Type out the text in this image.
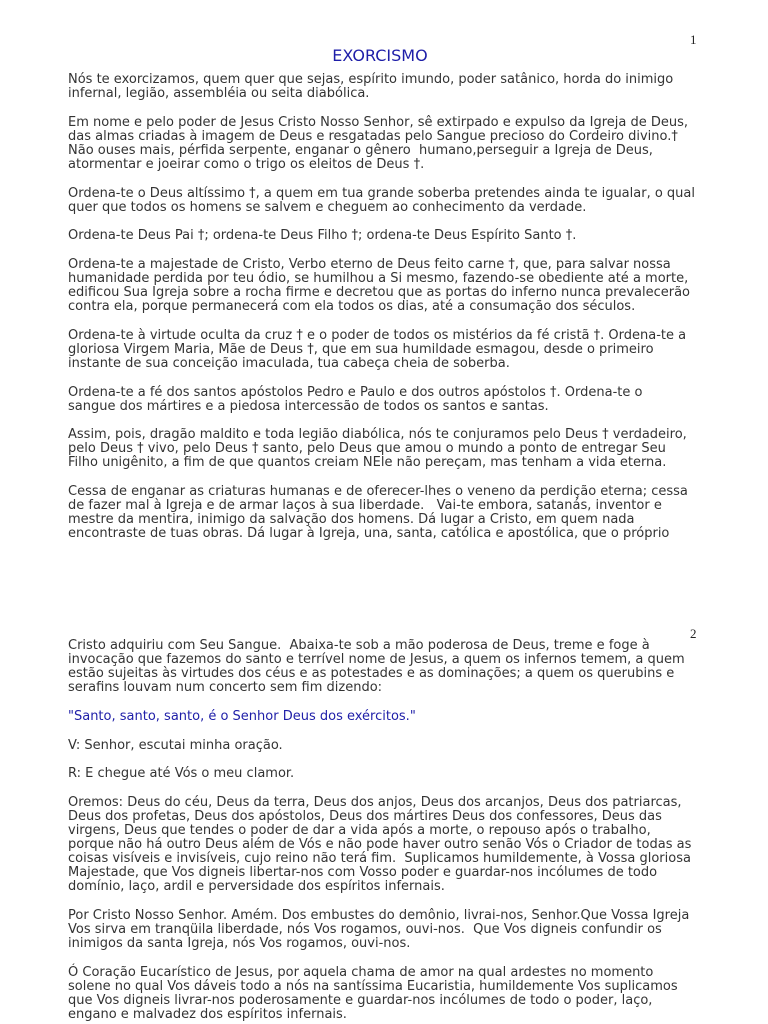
1
EXORCISMO
Nós te exorcizamos, quem quer que sejas, espírito imundo, poder satânico, horda do inimigo
infernal, legião, assembléia ou seita diabólica.
Em nome e pelo poder de Jesus Cristo Nosso Senhor, sê extirpado e expulso da Igreja de Deus,
das almas criadas à imagem de Deus e resgatadas pelo Sangue precioso do Cordeiro divino.†
Não ouses mais, pérfida serpente, enganar o gênero  humano,perseguir a Igreja de Deus,
atormentar e joeirar como o trigo os eleitos de Deus †.
Ordena-te o Deus altíssimo †, a quem em tua grande soberba pretendes ainda te igualar, o qual
quer que todos os homens se salvem e cheguem ao conhecimento da verdade.
Ordena-te Deus Pai †; ordena-te Deus Filho †; ordena-te Deus Espírito Santo †.
Ordena-te a majestade de Cristo, Verbo eterno de Deus feito carne †, que, para salvar nossa
humanidade perdida por teu ódio, se humilhou a Si mesmo, fazendo-se obediente até a morte,
edificou Sua Igreja sobre a rocha firme e decretou que as portas do inferno nunca prevalecerão
contra ela, porque permanecerá com ela todos os dias, até a consumação dos séculos.
Ordena-te à virtude oculta da cruz † e o poder de todos os mistérios da fé cristã †. Ordena-te a
gloriosa Virgem Maria, Mãe de Deus †, que em sua humildade esmagou, desde o primeiro
instante de sua conceição imaculada, tua cabeça cheia de soberba.
Ordena-te a fé dos santos apóstolos Pedro e Paulo e dos outros apóstolos †. Ordena-te o
sangue dos mártires e a piedosa intercessão de todos os santos e santas.
Assim, pois, dragão maldito e toda legião diabólica, nós te conjuramos pelo Deus † verdadeiro,
pelo Deus † vivo, pelo Deus † santo, pelo Deus que amou o mundo a ponto de entregar Seu
Filho unigênito, a fim de que quantos creiam NEle não pereçam, mas tenham a vida eterna.
Cessa de enganar as criaturas humanas e de oferecer-lhes o veneno da perdição eterna; cessa
de fazer mal à Igreja e de armar laços à sua liberdade.   Vai-te embora, satanás, inventor e
mestre da mentira, inimigo da salvação dos homens. Dá lugar a Cristo, em quem nada
encontraste de tuas obras. Dá lugar à Igreja, una, santa, católica e apostólica, que o próprio
2
Cristo adquiriu com Seu Sangue.  Abaixa-te sob a mão poderosa de Deus, treme e foge à
invocação que fazemos do santo e terrível nome de Jesus, a quem os infernos temem, a quem
estão sujeitas às virtudes dos céus e as potestades e as dominações; a quem os querubins e
serafins louvam num concerto sem fim dizendo:
"Santo, santo, santo, é o Senhor Deus dos exércitos."
V: Senhor, escutai minha oração.
R: E chegue até Vós o meu clamor.
Oremos: Deus do céu, Deus da terra, Deus dos anjos, Deus dos arcanjos, Deus dos patriarcas,
Deus dos profetas, Deus dos apóstolos, Deus dos mártires Deus dos confessores, Deus das
virgens, Deus que tendes o poder de dar a vida após a morte, o repouso após o trabalho,
porque não há outro Deus além de Vós e não pode haver outro senão Vós o Criador de todas as
coisas visíveis e invisíveis, cujo reino não terá fim.  Suplicamos humildemente, à Vossa gloriosa
Majestade, que Vos digneis libertar-nos com Vosso poder e guardar-nos incólumes de todo
domínio, laço, ardil e perversidade dos espíritos infernais.
Por Cristo Nosso Senhor. Amém. Dos embustes do demônio, livrai-nos, Senhor.Que Vossa Igreja
Vos sirva em tranqüila liberdade, nós Vos rogamos, ouvi-nos.  Que Vos digneis confundir os
inimigos da santa Igreja, nós Vos rogamos, ouvi-nos.
Ó Coração Eucarístico de Jesus, por aquela chama de amor na qual ardestes no momento
solene no qual Vos dáveis todo a nós na santíssima Eucaristia, humildemente Vos suplicamos
que Vos digneis livrar-nos poderosamente e guardar-nos incólumes de todo o poder, laço,
engano e malvadez dos espíritos infernais.
